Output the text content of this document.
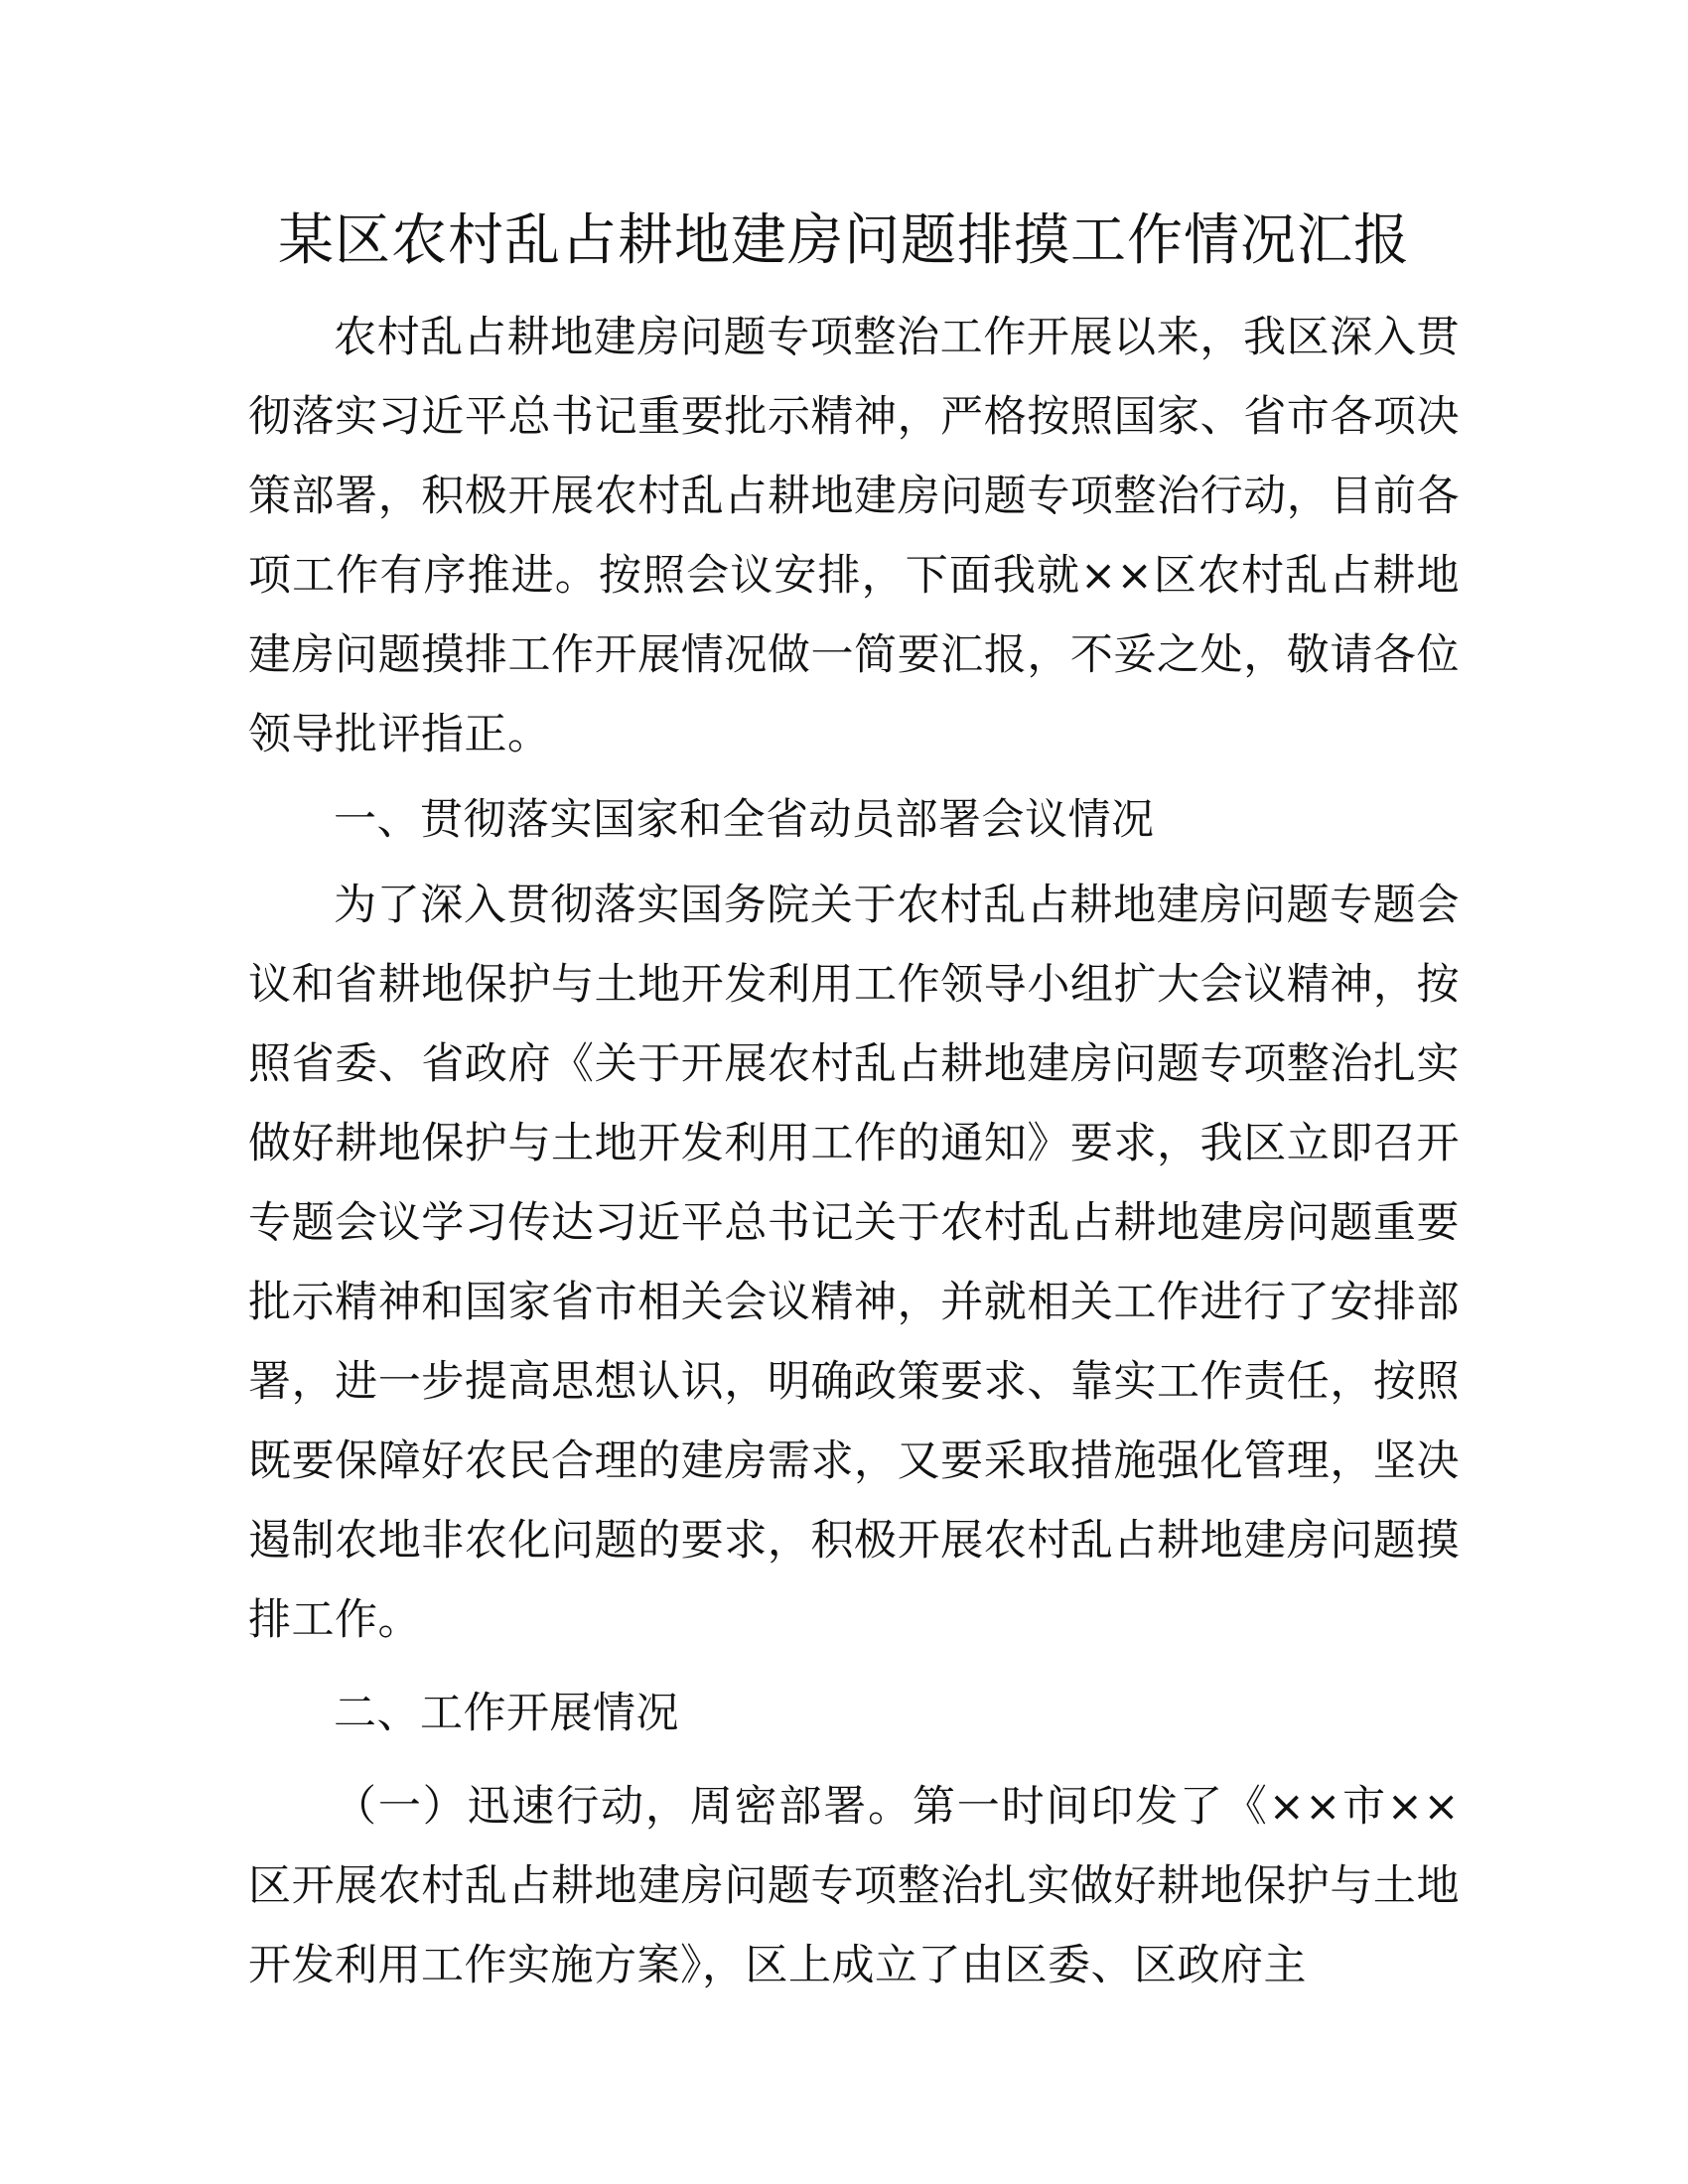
某区农村乱占耕地建房问题排摸工作情况汇报

农村乱占耕地建房问题专项整治工作开展以来，我区深入贯彻落实习近平总书记重要批示精神，严格按照国家、省市各项决策部署，积极开展农村乱占耕地建房问题专项整治行动，目前各项工作有序推进。按照会议安排，下面我就××区农村乱占耕地建房问题摸排工作开展情况做一简要汇报，不妥之处，敬请各位领导批评指正。

一、贯彻落实国家和全省动员部署会议情况

为了深入贯彻落实国务院关于农村乱占耕地建房问题专题会议和省耕地保护与土地开发利用工作领导小组扩大会议精神，按照省委、省政府《关于开展农村乱占耕地建房问题专项整治扎实做好耕地保护与土地开发利用工作的通知》要求，我区立即召开专题会议学习传达习近平总书记关于农村乱占耕地建房问题重要批示精神和国家省市相关会议精神，并就相关工作进行了安排部署，进一步提高思想认识，明确政策要求、靠实工作责任，按照既要保障好农民合理的建房需求，又要采取措施强化管理，坚决遏制农地非农化问题的要求，积极开展农村乱占耕地建房问题摸排工作。

二、工作开展情况

（一）迅速行动，周密部署。第一时间印发了《××市××区开展农村乱占耕地建房问题专项整治扎实做好耕地保护与土地开发利用工作实施方案》，区上成立了由区委、区政府主
